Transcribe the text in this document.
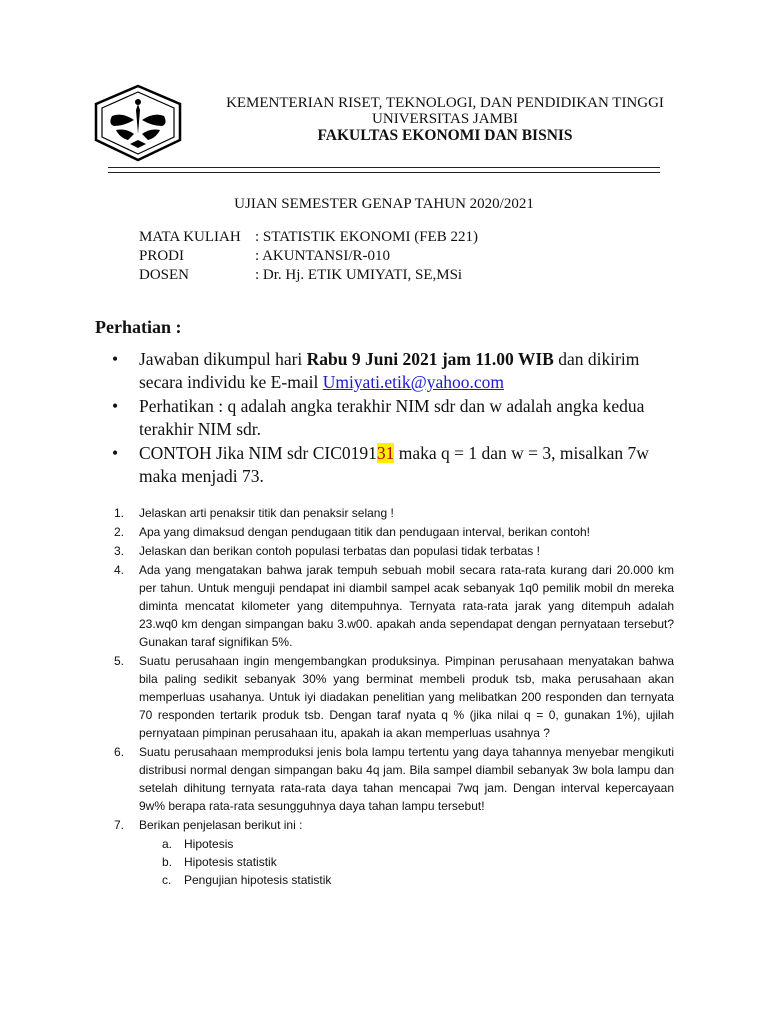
KEMENTERIAN RISET, TEKNOLOGI, DAN PENDIDIKAN TINGGI
UNIVERSITAS JAMBI
FAKULTAS EKONOMI DAN BISNIS
UJIAN SEMESTER GENAP TAHUN 2020/2021
MATA KULIAH : STATISTIK EKONOMI (FEB 221)
PRODI	: AKUNTANSI/R-010
DOSEN	: Dr. Hj. ETIK UMIYATI, SE,MSi
Perhatian :
• Jawaban dikumpul hari Rabu 9 Juni 2021 jam 11.00 WIB dan dikirim secara individu ke E-mail Umiyati.etik@yahoo.com
• Perhatikan : q adalah angka terakhir NIM sdr dan w adalah angka kedua terakhir NIM sdr.
• CONTOH Jika NIM sdr CIC019131 maka q = 1 dan w = 3, misalkan 7w maka menjadi 73.
1. Jelaskan arti penaksir titik dan penaksir selang !
2. Apa yang dimaksud dengan pendugaan titik dan pendugaan interval, berikan contoh!
3. Jelaskan dan berikan contoh populasi terbatas dan populasi tidak terbatas !
4. Ada yang mengatakan bahwa jarak tempuh sebuah mobil secara rata-rata kurang dari 20.000 km per tahun. Untuk menguji pendapat ini diambil sampel acak sebanyak 1q0 pemilik mobil dn mereka diminta mencatat kilometer yang ditempuhnya. Ternyata rata-rata jarak yang ditempuh adalah 23.wq0 km dengan simpangan baku 3.w00. apakah anda sependapat dengan pernyataan tersebut? Gunakan taraf signifikan 5%.
5. Suatu perusahaan ingin mengembangkan produksinya. Pimpinan perusahaan menyatakan bahwa bila paling sedikit sebanyak 30% yang berminat membeli produk tsb, maka perusahaan akan memperluas usahanya. Untuk iyi diadakan penelitian yang melibatkan 200 responden dan ternyata 70 responden tertarik produk tsb. Dengan taraf nyata q % (jika nilai q = 0, gunakan 1%), ujilah pernyataan pimpinan perusahaan itu, apakah ia akan memperluas usahnya ?
6. Suatu perusahaan memproduksi jenis bola lampu tertentu yang daya tahannya menyebar mengikuti distribusi normal dengan simpangan baku 4q jam. Bila sampel diambil sebanyak 3w bola lampu dan setelah dihitung ternyata rata-rata daya tahan mencapai 7wq jam. Dengan interval kepercayaan 9w% berapa rata-rata sesungguhnya daya tahan lampu tersebut!
7. Berikan penjelasan berikut ini :
a. Hipotesis
b. Hipotesis statistik
c. Pengujian hipotesis statistik
